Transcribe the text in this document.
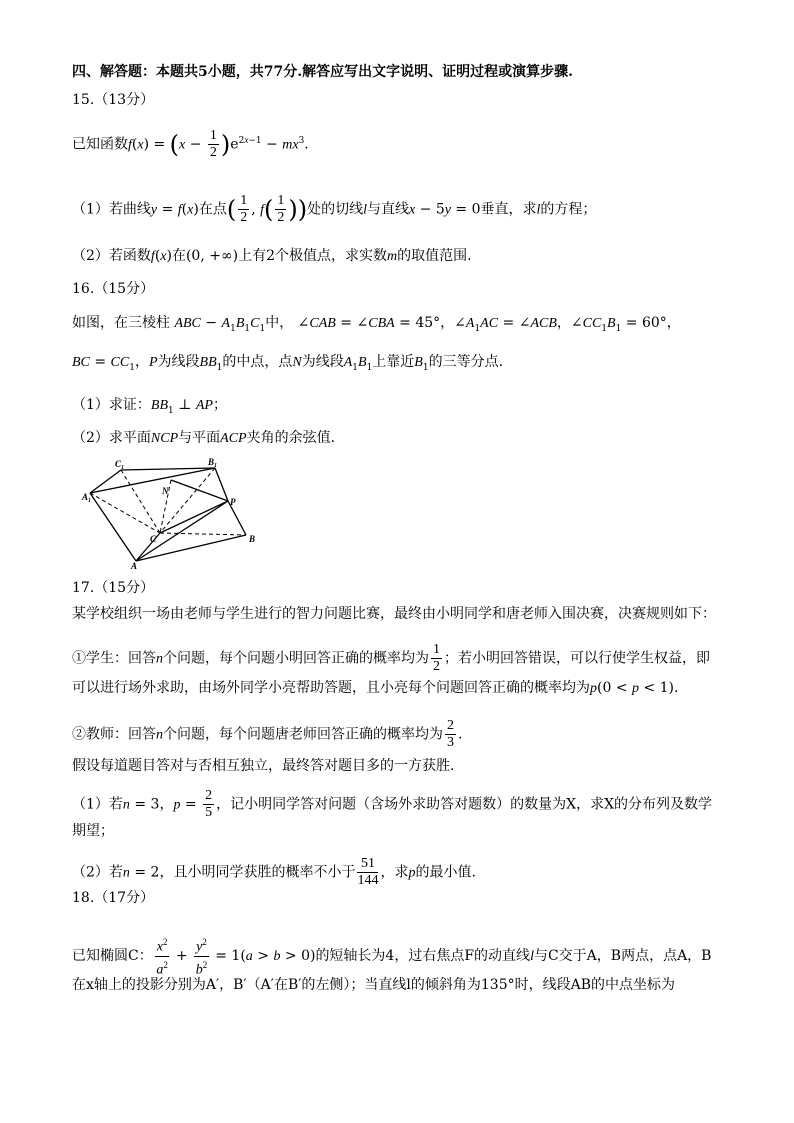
四、解答题：本题共5小题，共77分.解答应写出文字说明、证明过程或演算步骤.
15.（13分）
已知函数$f(x) = (x - \frac{1}{2} )e^{2x-1} - mx^3$.
（1）若曲线y = f(x)在点( $\frac{1}{2}$ , $f( \frac{1}{2}$ ))处的切线l与直线x − 5y = 0垂直，求l的方程；
（2）若函数f(x)在(0, +∞)上有2个极值点，求实数m的取值范围.
16.（15分）
如图，在三棱柱 ABC − $A_1B_1C_1$中， ∠CAB = ∠CBA = 45°，$\angle A_1AC$ = ∠ACB，$\angle CC_1B_1 = 60^\circ$，
BC = $CC_1$，P为线段$BB_1$的中点，点N为线段$A_1B_1$上靠近$B_1$的三等分点.
（1）求证：$BB_1$ ⊥ AP；
（2）求平面NCP与平面ACP夹角的余弦值.
$C_1$
$B_1$
$A_1$
N
P
C	B
A
17.（15分）
某学校组织一场由老师与学生进行的智力问题比赛，最终由小明同学和唐老师入围决赛，决赛规则如下：
①学生：回答n个问题，每个问题小明回答正确的概率均为 $\frac{1}{2}$ ；若小明回答错误，可以行使学生权益，即
可以进行场外求助，由场外同学小亮帮助答题，且小亮每个问题回答正确的概率均为p(0 < p < 1).
②教师：回答n个问题，每个问题唐老师回答正确的概率均为 $\frac{2}{3}$ .
假设每道题目答对与否相互独立，最终答对题目多的一方获胜.
（1）若n = 3，$p = \frac{2}{5}$ ，记小明同学答对问题（含场外求助答对题数）的数量为X，求X的分布列及数学
期望；
（2）若n = 2，且小明同学获胜的概率不小于 $\frac{51}{144}$ ，求p的最小值.
18.（17分）
已知椭圆C： $\frac{x^2}{a^2} + \frac{y^2}{b^2} = 1(a > b > 0)$的短轴长为4，过右焦点F的动直线l与C交于A，B两点，点A，B
在x轴上的投影分别为A′，B′（A′在B′的左侧）；当直线l的倾斜角为135°时，线段AB的中点坐标为
